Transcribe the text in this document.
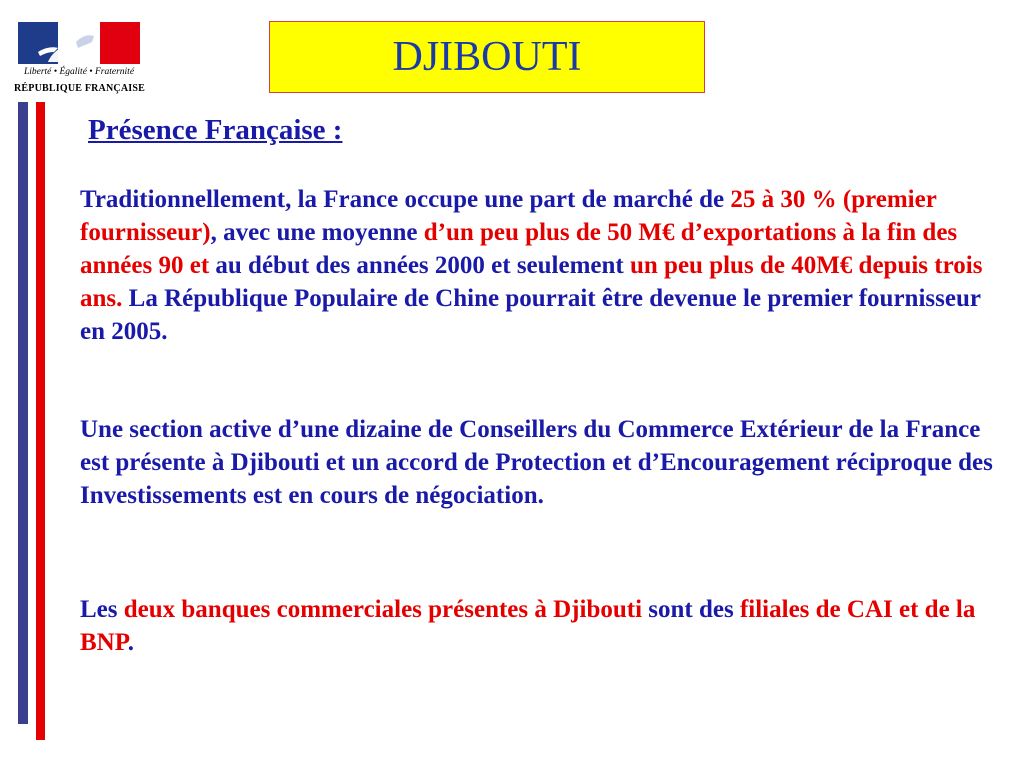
Liberté • Égalité • Fraternité
RÉPUBLIQUE FRANÇAISE
DJIBOUTI
Présence Française :
Traditionnellement, la France occupe une part de marché de 25 à 30 % (premier fournisseur), avec une moyenne d’un peu plus de 50 M€ d’exportations à la fin des années 90 et au début des années 2000 et seulement un peu plus de 40M€ depuis trois ans. La République Populaire de Chine pourrait être devenue le premier fournisseur en 2005.
Une section active d’une dizaine de Conseillers du Commerce Extérieur de la France est présente à Djibouti et un accord de Protection et d’Encouragement réciproque des Investissements est en cours de négociation.
Les deux banques commerciales présentes à Djibouti sont des filiales de CAI et de la BNP.
